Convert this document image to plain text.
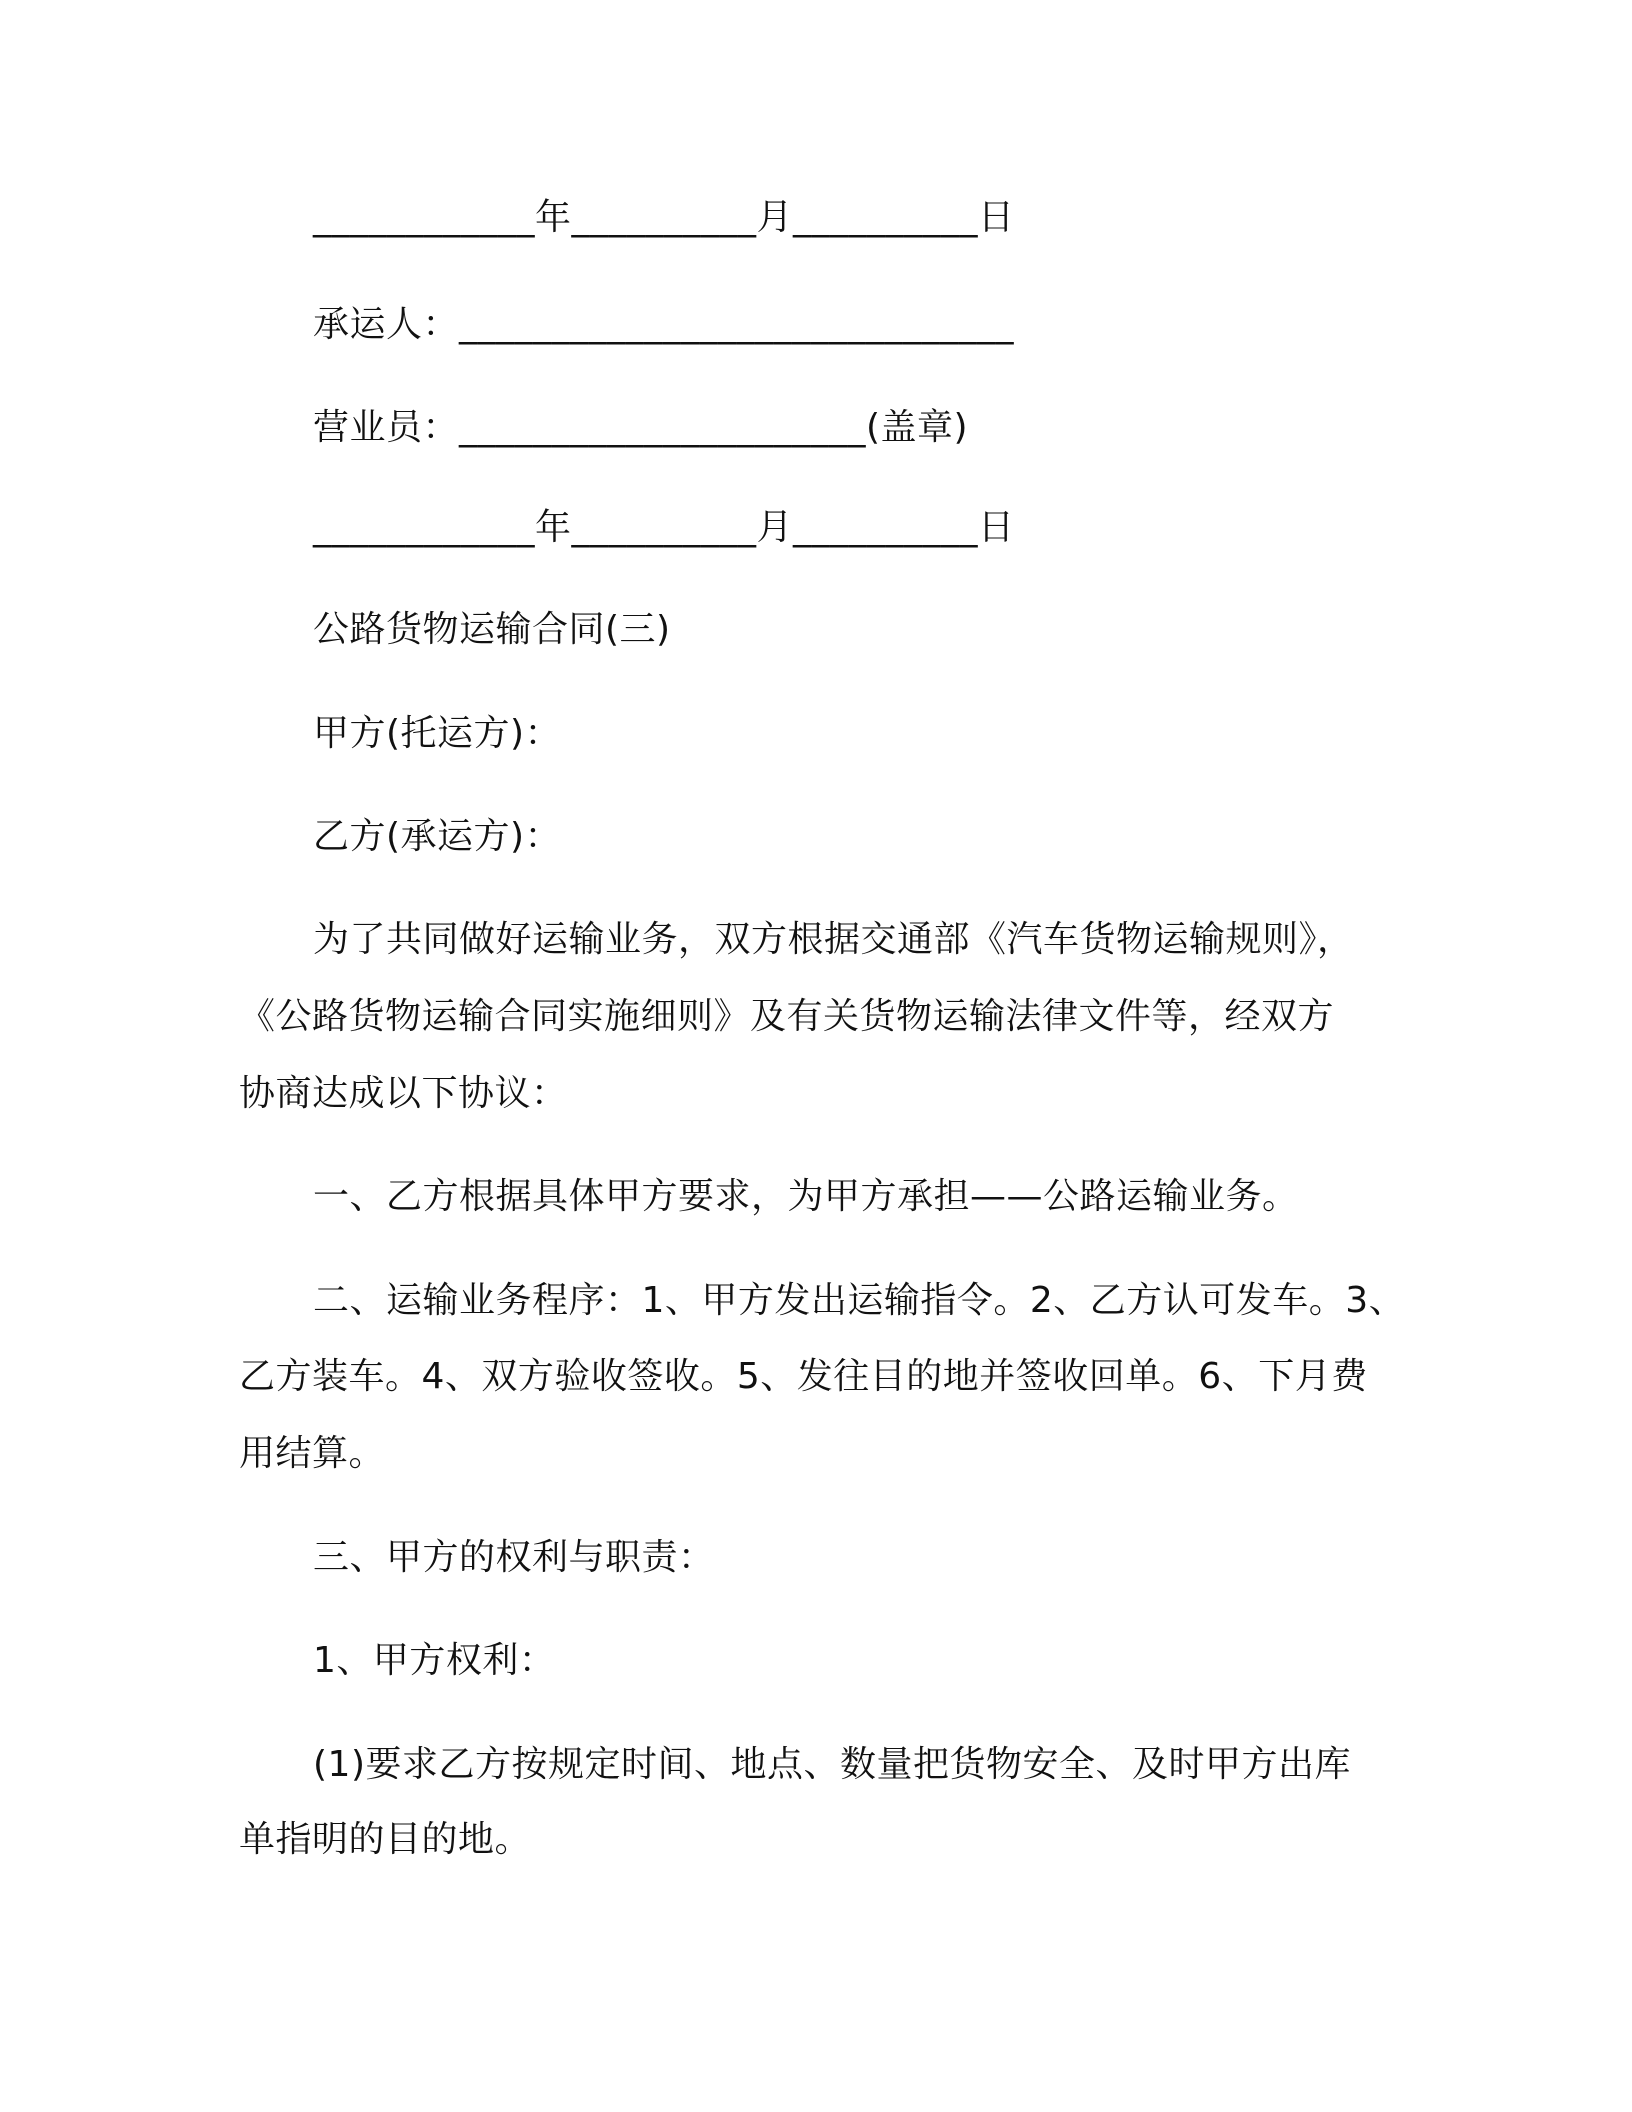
____________年__________月__________日
承运人：______________________________
营业员：______________________(盖章)
____________年__________月__________日
公路货物运输合同(三)
甲方(托运方)：
乙方(承运方)：
为了共同做好运输业务，双方根据交通部《汽车货物运输规则》，
《公路货物运输合同实施细则》及有关货物运输法律文件等，经双方
协商达成以下协议：
一、乙方根据具体甲方要求，为甲方承担——公路运输业务。
二、运输业务程序：1、甲方发出运输指令。2、乙方认可发车。3、
乙方装车。4、双方验收签收。5、发往目的地并签收回单。6、下月费
用结算。
三、甲方的权利与职责：
1、甲方权利：
(1)要求乙方按规定时间、地点、数量把货物安全、及时甲方出库
单指明的目的地。
